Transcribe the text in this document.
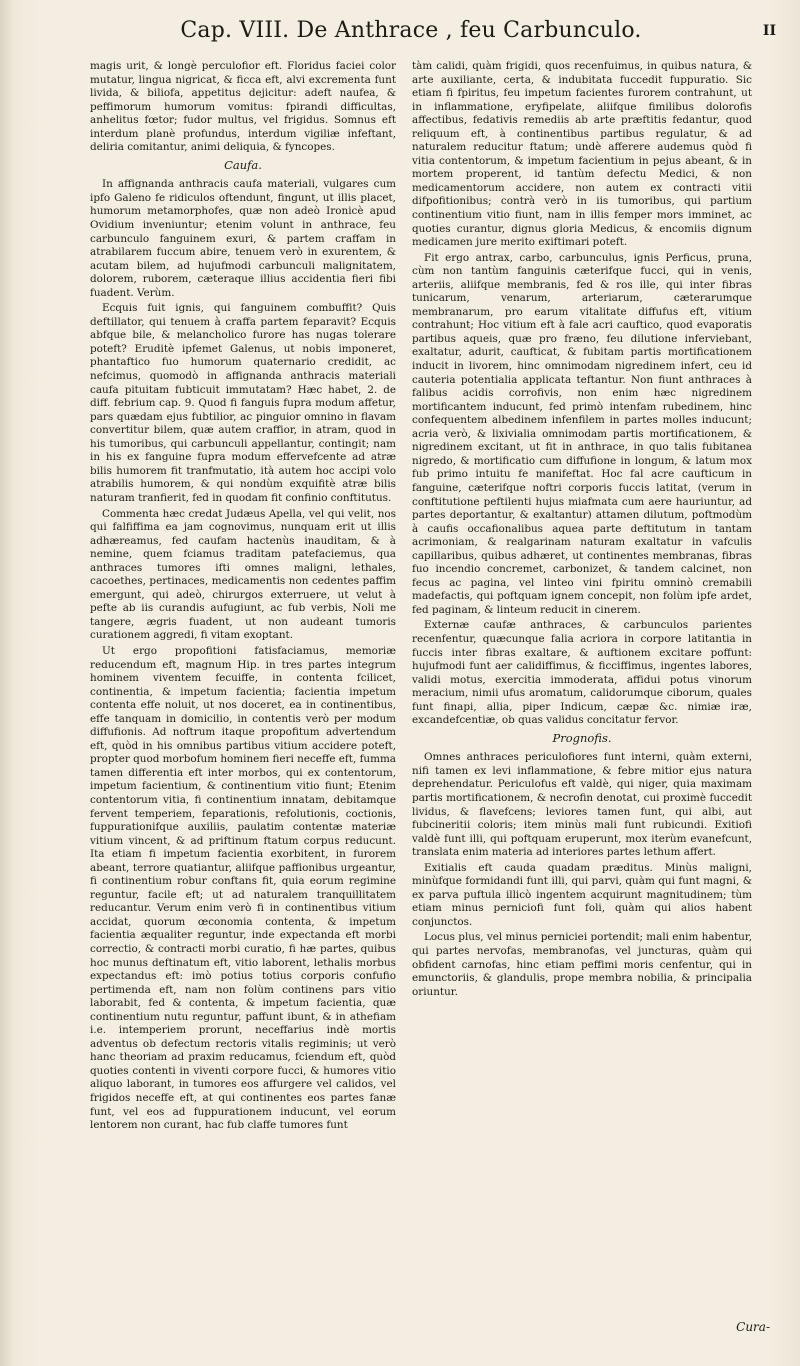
Cap. VIII. De Anthrace , feu Carbunculo.	II

magis urit, & longè perculofior eft. Floridus faciei color mutatur, lingua nigricat, & ficca eft, alvi excrementa funt livida, & biliofa, appetitus dejicitur: adeft naufea, & peffimorum humorum vomitus: fpirandi difficultas, anhelitus fœtor; fudor multus, vel frigidus. Somnus eft interdum planè profundus, interdum vigiliæ infeftant, deliria comitantur, animi deliquia, & fyncopes.

Caufa.

In affignanda anthracis caufa materiali, vulgares cum ipfo Galeno fe ridiculos oftendunt, fingunt, ut illis placet, humorum metamorphofes, quæ non adeò Ironicè apud Ovidium inveniuntur; etenim volunt in anthrace, feu carbunculo fanguinem exuri, & partem craffam in atrabilarem fuccum abire, tenuem verò in exurentem, & acutam bilem, ad hujufmodi carbunculi malignitatem, dolorem, ruborem, cæteraque illius accidentia fieri fibi fuadent. Verùm.

Ecquis fuit ignis, qui fanguinem combuffit? Quis deftillator, qui tenuem à craffa partem feparavit? Ecquis abfque bile, & melancholico furore has nugas tolerare poteft? Eruditè ipfemet Galenus, ut nobis imponeret, phantaftico fuo humorum quaternario credidit, ac nefcimus, quomodò in affignanda anthracis materiali caufa pituitam fubticuit immutatam? Hæc habet, 2. de diff. febrium cap. 9. Quod fi fanguis fupra modum affetur, pars quædam ejus fubtilior, ac pinguior omnino in flavam convertitur bilem, quæ autem craffior, in atram, quod in his tumoribus, qui carbunculi appellantur, contingit; nam in his ex fanguine fupra modum effervefcente ad atræ bilis humorem fit tranfmutatio, ità autem hoc accipi volo atrabilis humorem, & qui nondùm exquifitè atræ bilis naturam tranfierit, fed in quodam fit confinio conftitutus.

Commenta hæc credat Judæus Apella, vel qui velit, nos qui falfiffima ea jam cognovimus, nunquam erit ut illis adhæreamus, fed caufam hactenùs inauditam, & à nemine, quem fciamus traditam patefaciemus, qua anthraces tumores ifti omnes maligni, lethales, cacoethes, pertinaces, medicamentis non cedentes paffim emergunt, qui adeò, chirurgos exterruere, ut velut à pefte ab iis curandis aufugiunt, ac fub verbis, Noli me tangere, ægris fuadent, ut non audeant tumoris curationem aggredi, fi vitam exoptant.

Ut ergo propofitioni fatisfaciamus, memoriæ reducendum eft, magnum Hip. in tres partes integrum hominem viventem fecuiffe, in contenta fcilicet, continentia, & impetum facientia; facientia impetum contenta effe noluit, ut nos doceret, ea in continentibus, effe tanquam in domicilio, in contentis verò per modum diffufionis. Ad noftrum itaque propofitum advertendum eft, quòd in his omnibus partibus vitium accidere poteft, propter quod morbofum hominem fieri neceffe eft, fumma tamen differentia eft inter morbos, qui ex contentorum, impetum facientium, & continentium vitio fiunt; Etenim contentorum vitia, fi continentium innatam, debitamque fervent temperiem, feparationis, refolutionis, coctionis, fuppurationifque auxiliis, paulatim contentæ materiæ vitium vincent, & ad priftinum ftatum corpus reducunt. Ita etiam fi impetum facientia exorbitent, in furorem abeant, terrore quatiantur, aliifque paffionibus urgeantur, fi continentium robur conftans fit, quia eorum regimine reguntur, facile eft; ut ad naturalem tranquillitatem reducantur. Verum enim verò fi in continentibus vitium accidat, quorum œconomia contenta, & impetum facientia æqualiter reguntur, inde expectanda eft morbi correctio, & contracti morbi curatio, fi hæ partes, quibus hoc munus deftinatum eft, vitio laborent, lethalis morbus expectandus eft: imò potius totius corporis confufio pertimenda eft, nam non folùm continens pars vitio laborabit, fed & contenta, & impetum facientia, quæ continentium nutu reguntur, paffunt ibunt, & in athefiam i.e. intemperiem prorunt, neceffarius indè mortis adventus ob defectum rectoris vitalis regiminis; ut verò hanc theoriam ad praxim reducamus, fciendum eft, quòd quoties contenti in viventi corpore fucci, & humores vitio aliquo laborant, in tumores eos affurgere vel calidos, vel frigidos neceffe eft, at qui continentes eos partes fanæ funt, vel eos ad fuppurationem inducunt, vel eorum lentorem non curant, hac fub claffe tumores funt

tàm calidi, quàm frigidi, quos recenfuimus, in quibus natura, & arte auxiliante, certa, & indubitata fuccedit fuppuratio. Sic etiam fi fpiritus, feu impetum facientes furorem contrahunt, ut in inflammatione, eryfipelate, aliifque fimilibus dolorofis affectibus, fedativis remediis ab arte præftitis fedantur, quod reliquum eft, à continentibus partibus regulatur, & ad naturalem reducitur ftatum; undè afferere audemus quòd fi vitia contentorum, & impetum facientium in pejus abeant, & in mortem properent, id tantùm defectu Medici, & non medicamentorum accidere, non autem ex contracti vitii difpofitionibus; contrà verò in iis tumoribus, qui partium continentium vitio fiunt, nam in illis femper mors imminet, ac quoties curantur, dignus gloria Medicus, & encomiis dignum medicamen jure merito exiftimari poteft.

Fit ergo antrax, carbo, carbunculus, ignis Perficus, pruna, cùm non tantùm fanguinis cæterifque fucci, qui in venis, arteriis, aliifque membranis, fed & ros ille, qui inter fibras tunicarum, venarum, arteriarum, cæterarumque membranarum, pro earum vitalitate diffufus eft, vitium contrahunt; Hoc vitium eft à fale acri cauftico, quod evaporatis partibus aqueis, quæ pro fræno, feu dilutione inferviebant, exaltatur, adurit, caufticat, & fubitam partis mortificationem inducit in livorem, hinc omnimodam nigredinem infert, ceu id cauteria potentialia applicata teftantur. Non fiunt anthraces à falibus acidis corrofivis, non enim hæc nigredinem mortificantem inducunt, fed primò intenfam rubedinem, hinc confequentem albedinem infenfilem in partes molles inducunt; acria verò, & lixivialia omnimodam partis mortificationem, & nigredinem excitant, ut fit in anthrace, in quo talis fubitanea nigredo, & mortificatio cum diffufione in longum, & latum mox fub primo intuitu fe manifeftat. Hoc fal acre caufticum in fanguine, cæterifque noftri corporis fuccis latitat, (verum in conftitutione peftilenti hujus miafmata cum aere hauriuntur, ad partes deportantur, & exaltantur) attamen dilutum, poftmodùm à caufis occafionalibus aquea parte deftitutum in tantam acrimoniam, & realgarinam naturam exaltatur in vafculis capillaribus, quibus adhæret, ut continentes membranas, fibras fuo incendio concremet, carbonizet, & tandem calcinet, non fecus ac pagina, vel linteo vini fpiritu omninò cremabili madefactis, qui poftquam ignem concepit, non folùm ipfe ardet, fed paginam, & linteum reducit in cinerem.

Externæ caufæ anthraces, & carbunculos parientes recenfentur, quæcunque falia acriora in corpore latitantia in fuccis inter fibras exaltare, & auftionem excitare poffunt: hujufmodi funt aer calidiffimus, & ficciffimus, ingentes labores, validi motus, exercitia immoderata, affidui potus vinorum meracium, nimii ufus aromatum, calidorumque ciborum, quales funt finapi, allia, piper Indicum, cæpæ &c. nimiæ iræ, excandefcentiæ, ob quas validus concitatur fervor.

Prognofis.

Omnes anthraces periculofiores funt interni, quàm externi, nifi tamen ex levi inflammatione, & febre mitior ejus natura deprehendatur. Periculofus eft valdè, qui niger, quia maximam partis mortificationem, & necrofin denotat, cui proximè fuccedit lividus, & flavefcens; leviores tamen funt, qui albi, aut fubcineritii coloris; item minùs mali funt rubicundi. Exitiofi valdè funt illi, qui poftquam eruperunt, mox iterùm evanefcunt, translata enim materia ad interiores partes lethum affert.

Exitialis eft cauda quadam præditus. Minùs maligni, minùfque formidandi funt illi, qui parvi, quàm qui funt magni, & ex parva puftula illicò ingentem acquirunt magnitudinem; tùm etiam minus perniciofi funt foli, quàm qui alios habent conjunctos.

Locus plus, vel minus perniciei portendit; mali enim habentur, qui partes nervofas, membranofas, vel juncturas, quàm qui obfident carnofas, hinc etiam peffimi moris cenfentur, qui in emunctoriis, & glandulis, prope membra nobilia, & principalia oriuntur.

Cura-
